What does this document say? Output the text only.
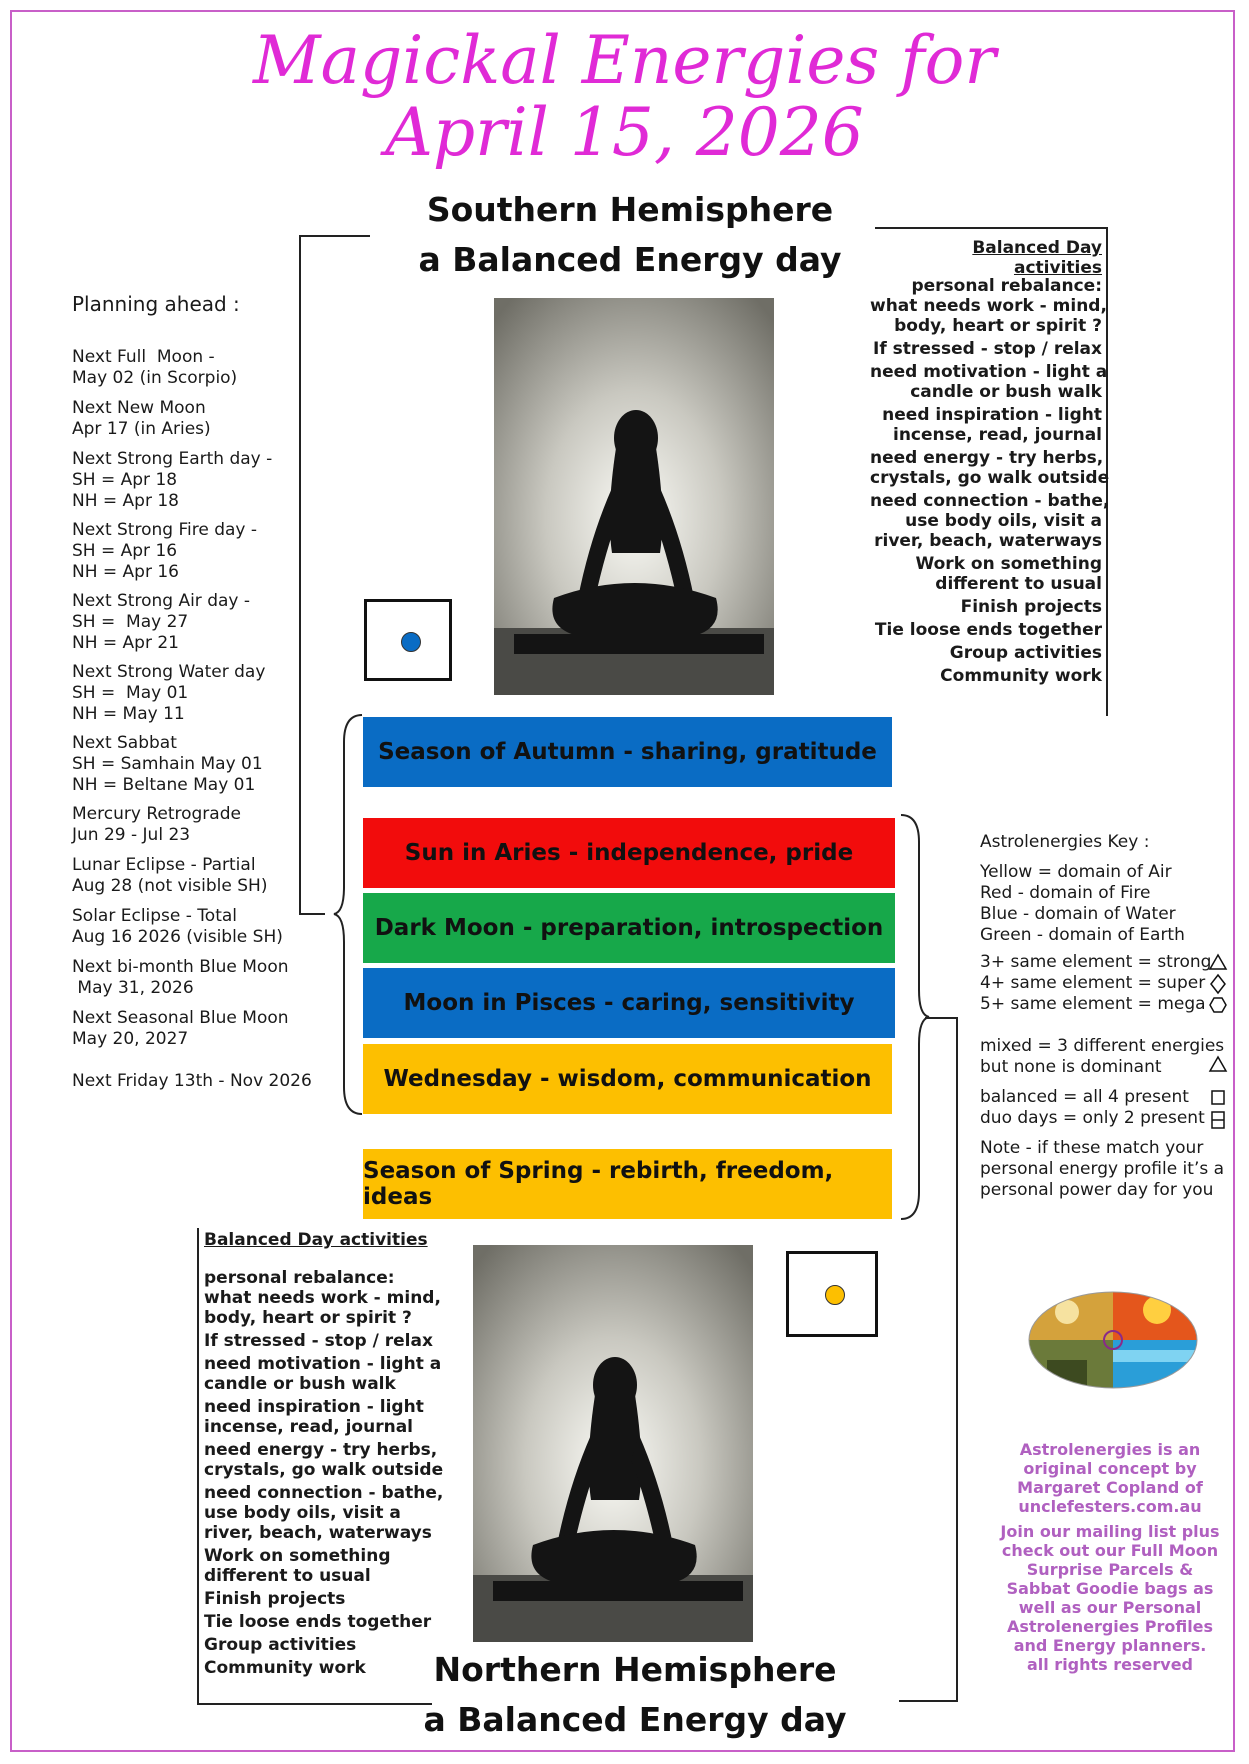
Magickal Energies for
April 15, 2026
Southern Hemisphere
a Balanced Energy day
Planning ahead :
Next Full  Moon -
May 02 (in Scorpio)
Next New Moon
Apr 17 (in Aries)
Next Strong Earth day -
SH = Apr 18
NH = Apr 18
Next Strong Fire day -
SH = Apr 16
NH = Apr 16
Next Strong Air day -
SH =  May 27
NH = Apr 21
Next Strong Water day
SH =  May 01
NH = May 11
Next Sabbat
SH = Samhain May 01
NH = Beltane May 01
Mercury Retrograde
Jun 29 - Jul 23
Lunar Eclipse - Partial
Aug 28 (not visible SH)
Solar Eclipse - Total
Aug 16 2026 (visible SH)
Next bi-month Blue Moon
May 31, 2026
Next Seasonal Blue Moon
May 20, 2027
Next Friday 13th - Nov 2026
Balanced Day activities
personal rebalance:
what needs work - mind,
body, heart or spirit ?
If stressed - stop / relax
need motivation - light a
candle or bush walk
need inspiration - light
incense, read, journal
need energy - try herbs,
crystals, go walk outside
need connection - bathe,
use body oils, visit a
river, beach, waterways
Work on something
different to usual
Finish projects
Tie loose ends together
Group activities
Community work
Season of Autumn - sharing, gratitude
Sun in Aries - independence, pride
Dark Moon - preparation, introspection
Moon in Pisces - caring, sensitivity
Wednesday - wisdom, communication
Season of Spring - rebirth, freedom, ideas
Astrolenergies Key :
Yellow = domain of Air
Red - domain of Fire
Blue - domain of Water
Green - domain of Earth
3+ same element = strong
4+ same element = super
5+ same element = mega
mixed = 3 different energies
but none is dominant
balanced = all 4 present
duo days = only 2 present
Note - if these match your
personal energy profile it’s a
personal power day for you
Balanced Day activities
personal rebalance:
what needs work - mind,
body, heart or spirit ?
If stressed - stop / relax
need motivation - light a
candle or bush walk
need inspiration - light
incense, read, journal
need energy - try herbs,
crystals, go walk outside
need connection - bathe,
use body oils, visit a
river, beach, waterways
Work on something
different to usual
Finish projects
Tie loose ends together
Group activities
Community work	Northern Hemisphere
a Balanced Energy day
Astrolenergies is an original concept by Margaret Copland of unclefesters.com.au
Join our mailing list plus check out our Full Moon Surprise Parcels & Sabbat Goodie bags as well as our Personal Astrolenergies Profiles and Energy planners.
all rights reserved
